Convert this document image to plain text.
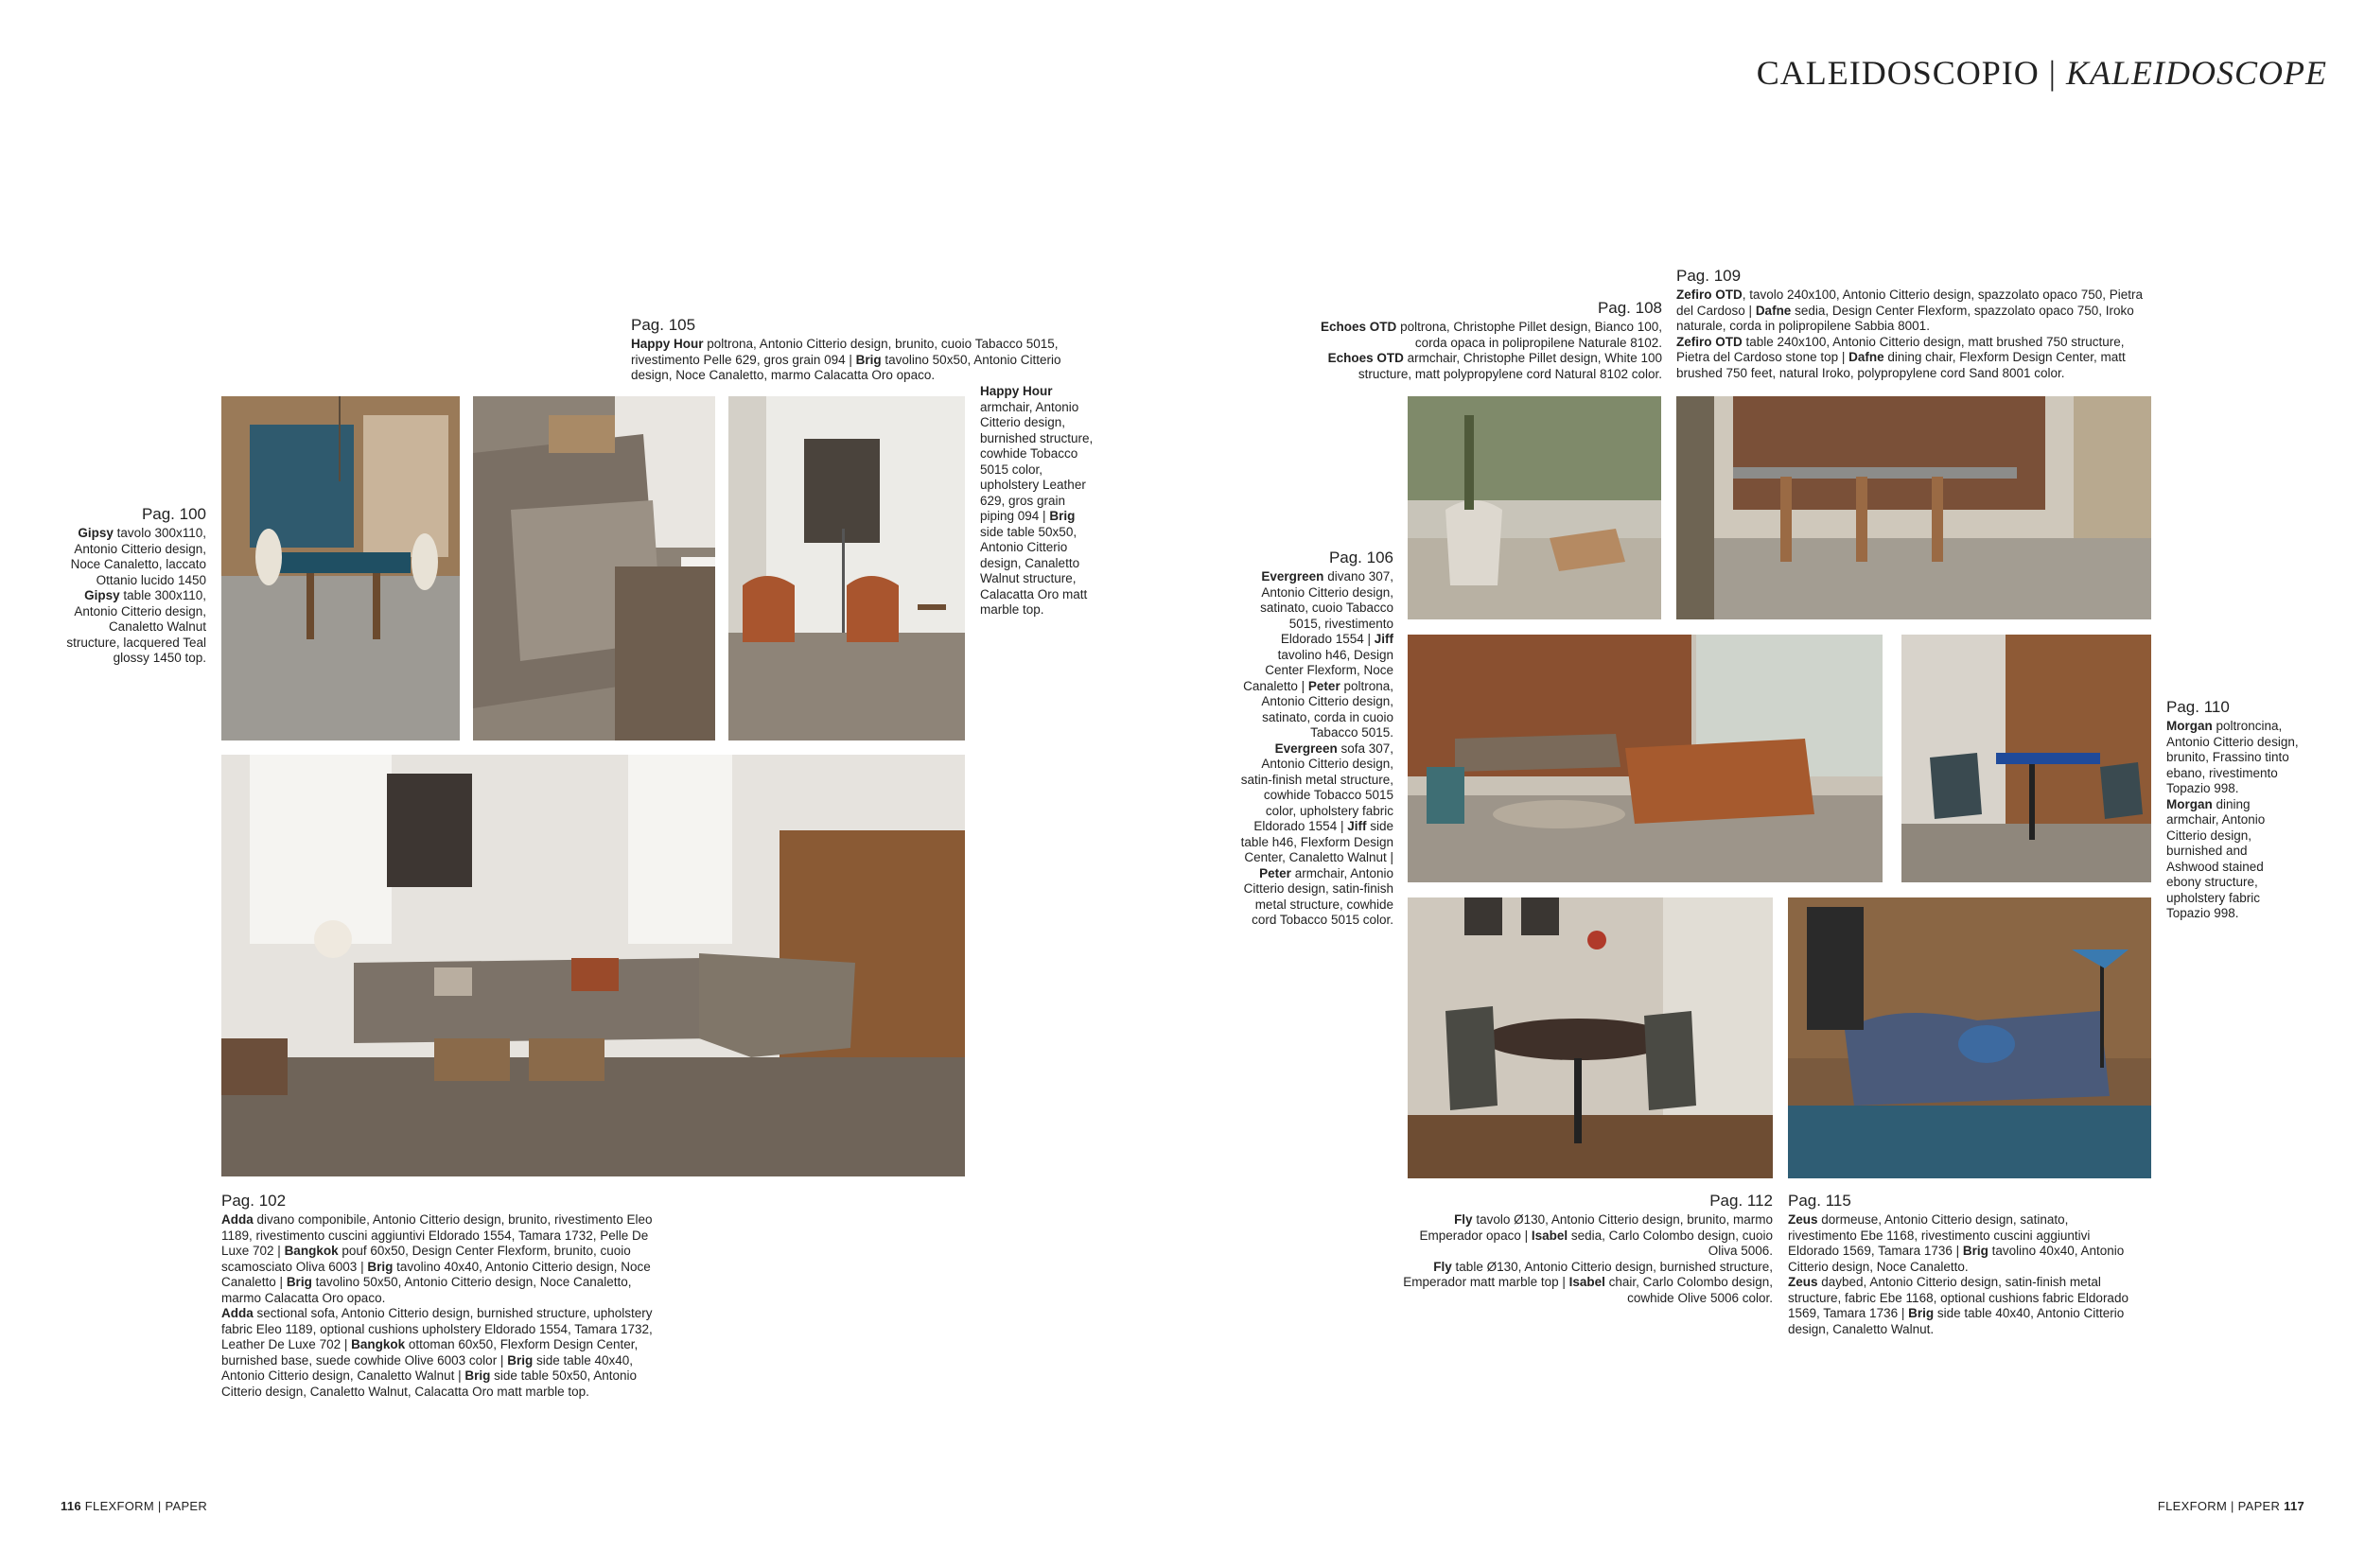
CALEIDOSCOPIO | KALEIDOSCOPE
Pag. 100
Gipsy tavolo 300x110, Antonio Citterio design, Noce Canaletto, laccato Ottanio lucido 1450
Gipsy table 300x110, Antonio Citterio design, Canaletto Walnut structure, lacquered Teal glossy 1450 top.
Pag. 105
Happy Hour poltrona, Antonio Citterio design, brunito, cuoio Tabacco 5015, rivestimento Pelle 629, gros grain 094 | Brig tavolino 50x50, Antonio Citterio design, Noce Canaletto, marmo Calacatta Oro opaco.
Happy Hour armchair, Antonio Citterio design, burnished structure, cowhide Tobacco 5015 color, upholstery Leather 629, gros grain piping 094 | Brig side table 50x50, Antonio Citterio design, Canaletto Walnut structure, Calacatta Oro matt marble top.
Pag. 102
Adda divano componibile, Antonio Citterio design, brunito, rivestimento Eleo 1189, rivestimento cuscini aggiuntivi Eldorado 1554, Tamara 1732, Pelle De Luxe 702 | Bangkok pouf 60x50, Design Center Flexform, brunito, cuoio scamosciato Oliva 6003 | Brig tavolino 40x40, Antonio Citterio design, Noce Canaletto | Brig tavolino 50x50, Antonio Citterio design, Noce Canaletto, marmo Calacatta Oro opaco.
Adda sectional sofa, Antonio Citterio design, burnished structure, upholstery fabric Eleo 1189, optional cushions upholstery Eldorado 1554, Tamara 1732, Leather De Luxe 702 | Bangkok ottoman 60x50, Flexform Design Center, burnished base, suede cowhide Olive 6003 color | Brig side table 40x40, Antonio Citterio design, Canaletto Walnut | Brig side table 50x50, Antonio Citterio design, Canaletto Walnut, Calacatta Oro matt marble top.
Pag. 108
Echoes OTD poltrona, Christophe Pillet design, Bianco 100, corda opaca in polipropilene Naturale 8102.
Echoes OTD armchair, Christophe Pillet design, White 100 structure, matt polypropylene cord Natural 8102 color.
Pag. 109
Zefiro OTD, tavolo 240x100, Antonio Citterio design, spazzolato opaco 750, Pietra del Cardoso | Dafne sedia, Design Center Flexform, spazzolato opaco 750, Iroko naturale, corda in polipropilene Sabbia 8001.
Zefiro OTD table 240x100, Antonio Citterio design, matt brushed 750 structure, Pietra del Cardoso stone top | Dafne dining chair, Flexform Design Center, matt brushed 750 feet, natural Iroko, polypropylene cord Sand 8001 color.
Pag. 106
Evergreen divano 307, Antonio Citterio design, satinato, cuoio Tabacco 5015, rivestimento Eldorado 1554 | Jiff tavolino h46, Design Center Flexform, Noce Canaletto | Peter poltrona, Antonio Citterio design, satinato, corda in cuoio Tabacco 5015.
Evergreen sofa 307, Antonio Citterio design, satin-finish metal structure, cowhide Tobacco 5015 color, upholstery fabric Eldorado 1554 | Jiff side table h46, Flexform Design Center, Canaletto Walnut | Peter armchair, Antonio Citterio design, satin-finish metal structure, cowhide cord Tobacco 5015 color.
Pag. 110
Morgan poltroncina, Antonio Citterio design, brunito, Frassino tinto ebano, rivestimento Topazio 998.
Morgan dining armchair, Antonio Citterio design, burnished and Ashwood stained ebony structure, upholstery fabric Topazio 998.
Pag. 112
Fly tavolo Ø130, Antonio Citterio design, brunito, marmo Emperador opaco | Isabel sedia, Carlo Colombo design, cuoio Oliva 5006.
Fly table Ø130, Antonio Citterio design, burnished structure, Emperador matt marble top | Isabel chair, Carlo Colombo design, cowhide Olive 5006 color.
Pag. 115
Zeus dormeuse, Antonio Citterio design, satinato, rivestimento Ebe 1168, rivestimento cuscini aggiuntivi Eldorado 1569, Tamara 1736 | Brig tavolino 40x40, Antonio Citterio design, Noce Canaletto.
Zeus daybed, Antonio Citterio design, satin-finish metal structure, fabric Ebe 1168, optional cushions fabric Eldorado 1569, Tamara 1736 | Brig side table 40x40, Antonio Citterio design, Canaletto Walnut.
116 FLEXFORM | PAPER	FLEXFORM | PAPER 117
